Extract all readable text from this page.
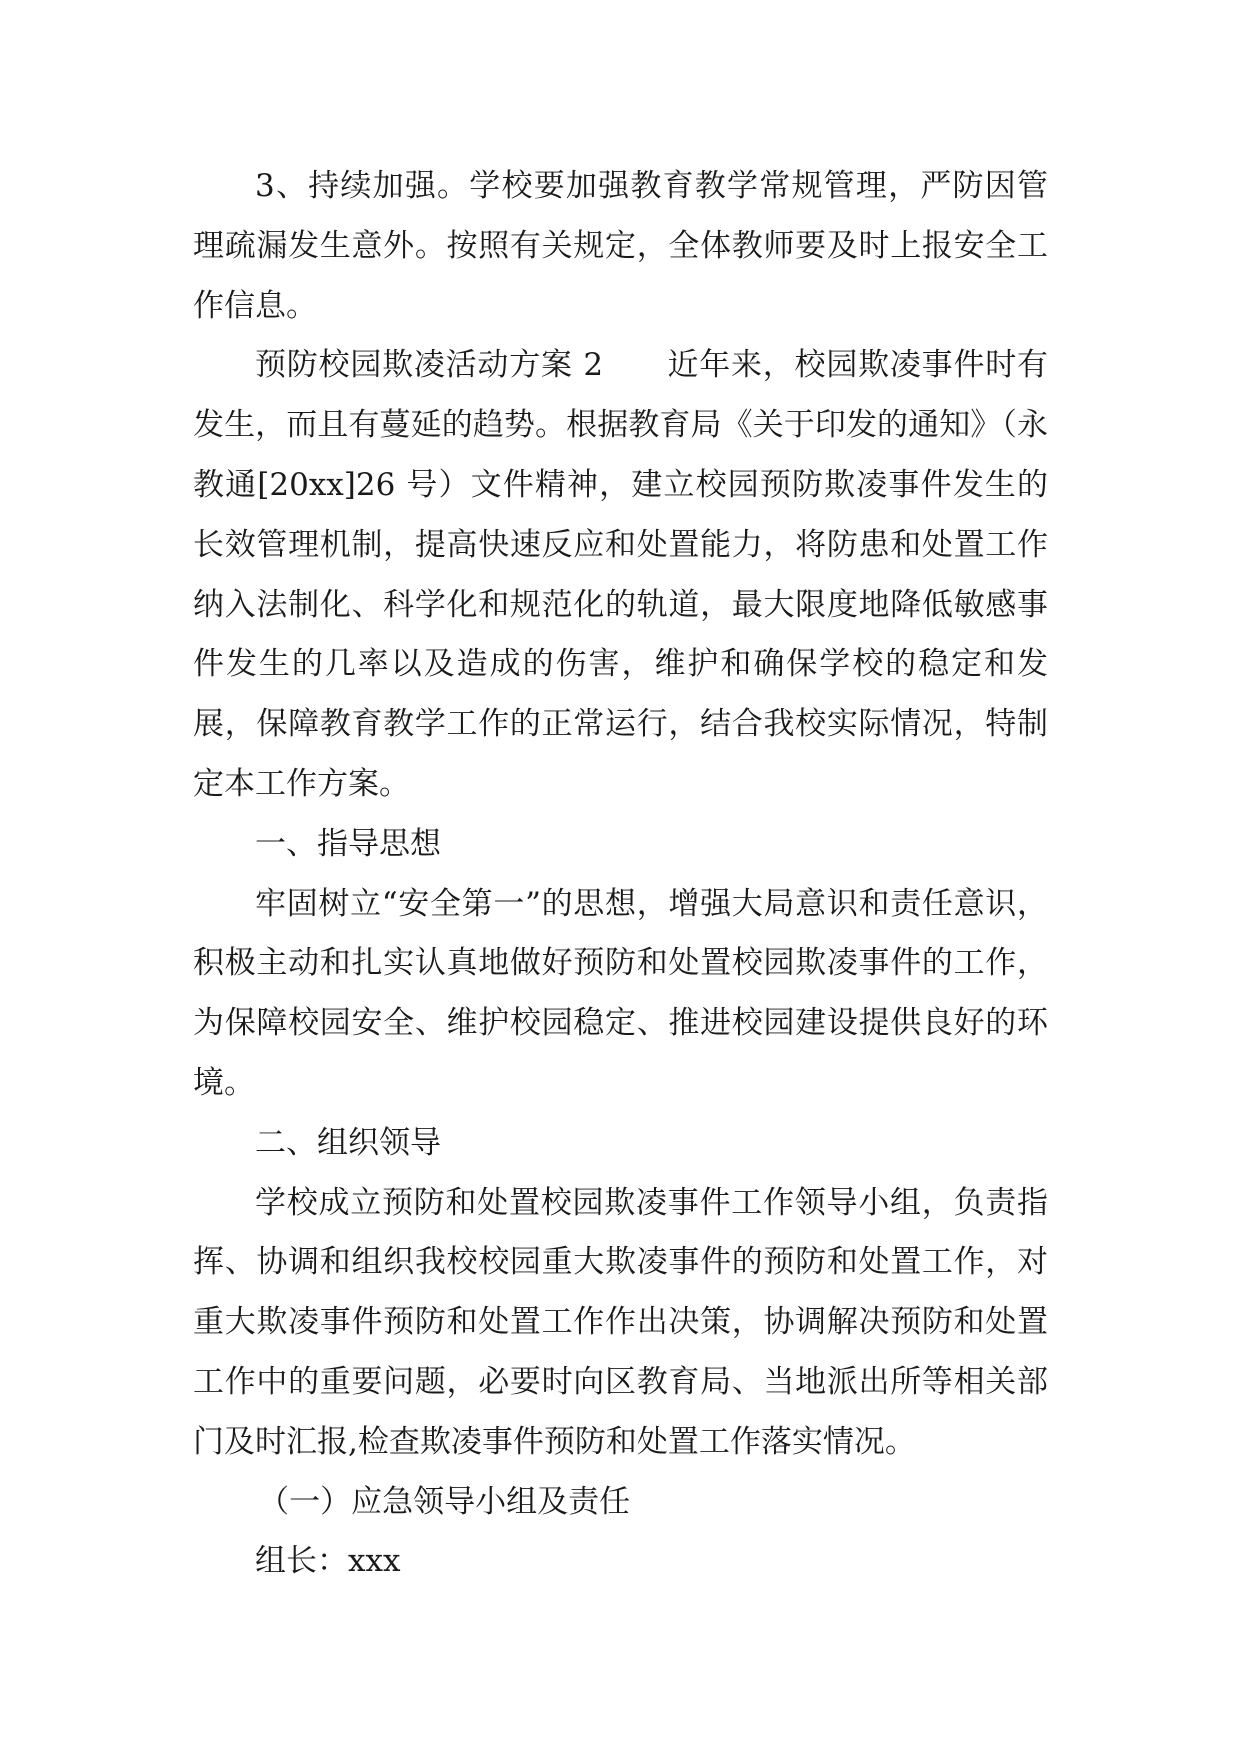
3、持续加强。学校要加强教育教学常规管理，严防因管理疏漏发生意外。按照有关规定，全体教师要及时上报安全工作信息。

预防校园欺凌活动方案 2　　近年来，校园欺凌事件时有发生，而且有蔓延的趋势。根据教育局《关于印发的通知》（永教通[20xx]26 号）文件精神，建立校园预防欺凌事件发生的长效管理机制，提高快速反应和处置能力，将防患和处置工作纳入法制化、科学化和规范化的轨道，最大限度地降低敏感事件发生的几率以及造成的伤害，维护和确保学校的稳定和发展，保障教育教学工作的正常运行，结合我校实际情况，特制定本工作方案。

一、指导思想

牢固树立“安全第一”的思想，增强大局意识和责任意识，积极主动和扎实认真地做好预防和处置校园欺凌事件的工作，为保障校园安全、维护校园稳定、推进校园建设提供良好的环境。

二、组织领导

学校成立预防和处置校园欺凌事件工作领导小组，负责指挥、协调和组织我校校园重大欺凌事件的预防和处置工作，对重大欺凌事件预防和处置工作作出决策，协调解决预防和处置工作中的重要问题，必要时向区教育局、当地派出所等相关部门及时汇报,检查欺凌事件预防和处置工作落实情况。

（一）应急领导小组及责任

组长：xxx
